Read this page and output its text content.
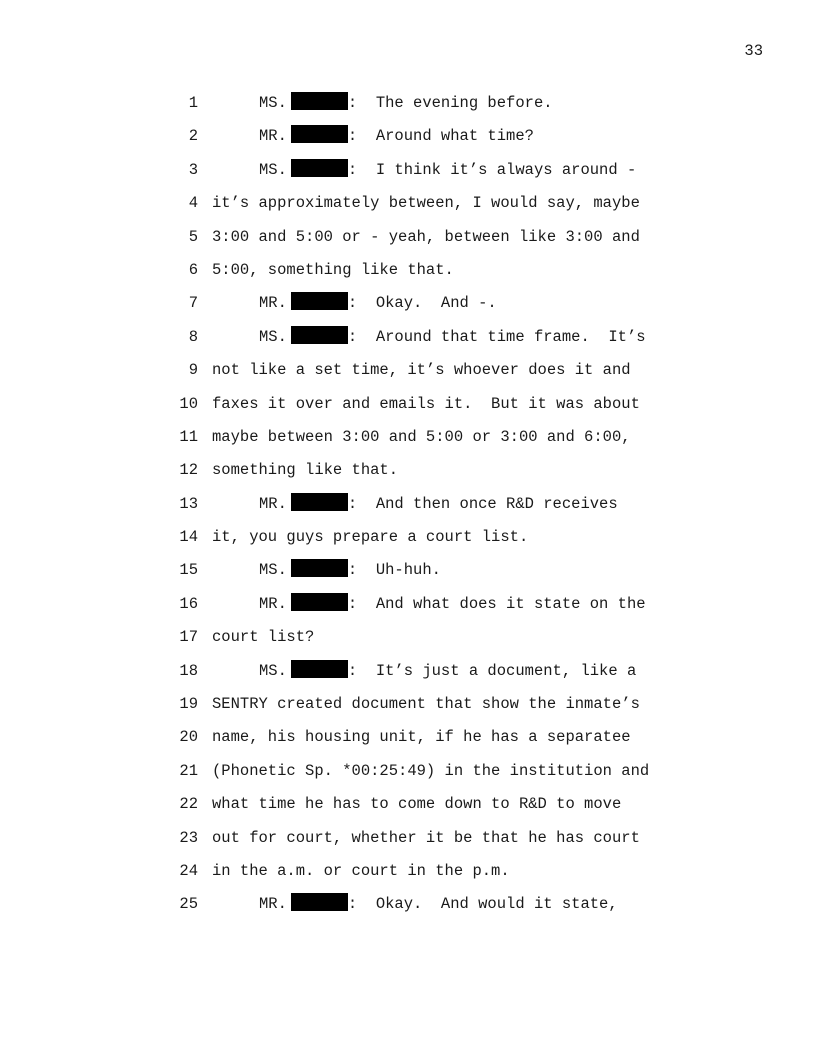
33
1	MS.	:  The evening before.
2	MR.	:  Around what time?
3	MS.	:  I think it’s always around -
4 it’s approximately between, I would say, maybe
5 3:00 and 5:00 or - yeah, between like 3:00 and
6 5:00, something like that.
7	MR.	:  Okay.  And -.
8	MS.	:  Around that time frame.  It’s
9 not like a set time, it’s whoever does it and
10 faxes it over and emails it.  But it was about
11 maybe between 3:00 and 5:00 or 3:00 and 6:00,
12 something like that.
13	MR.	:  And then once R&D receives
14 it, you guys prepare a court list.
15	MS.	:  Uh-huh.
16	MR.	:  And what does it state on the
17 court list?
18	MS.	:  It’s just a document, like a
19 SENTRY created document that show the inmate’s
20 name, his housing unit, if he has a separatee
21 (Phonetic Sp. *00:25:49) in the institution and
22 what time he has to come down to R&D to move
23 out for court, whether it be that he has court
24 in the a.m. or court in the p.m.
25	MR.	:  Okay.  And would it state,
